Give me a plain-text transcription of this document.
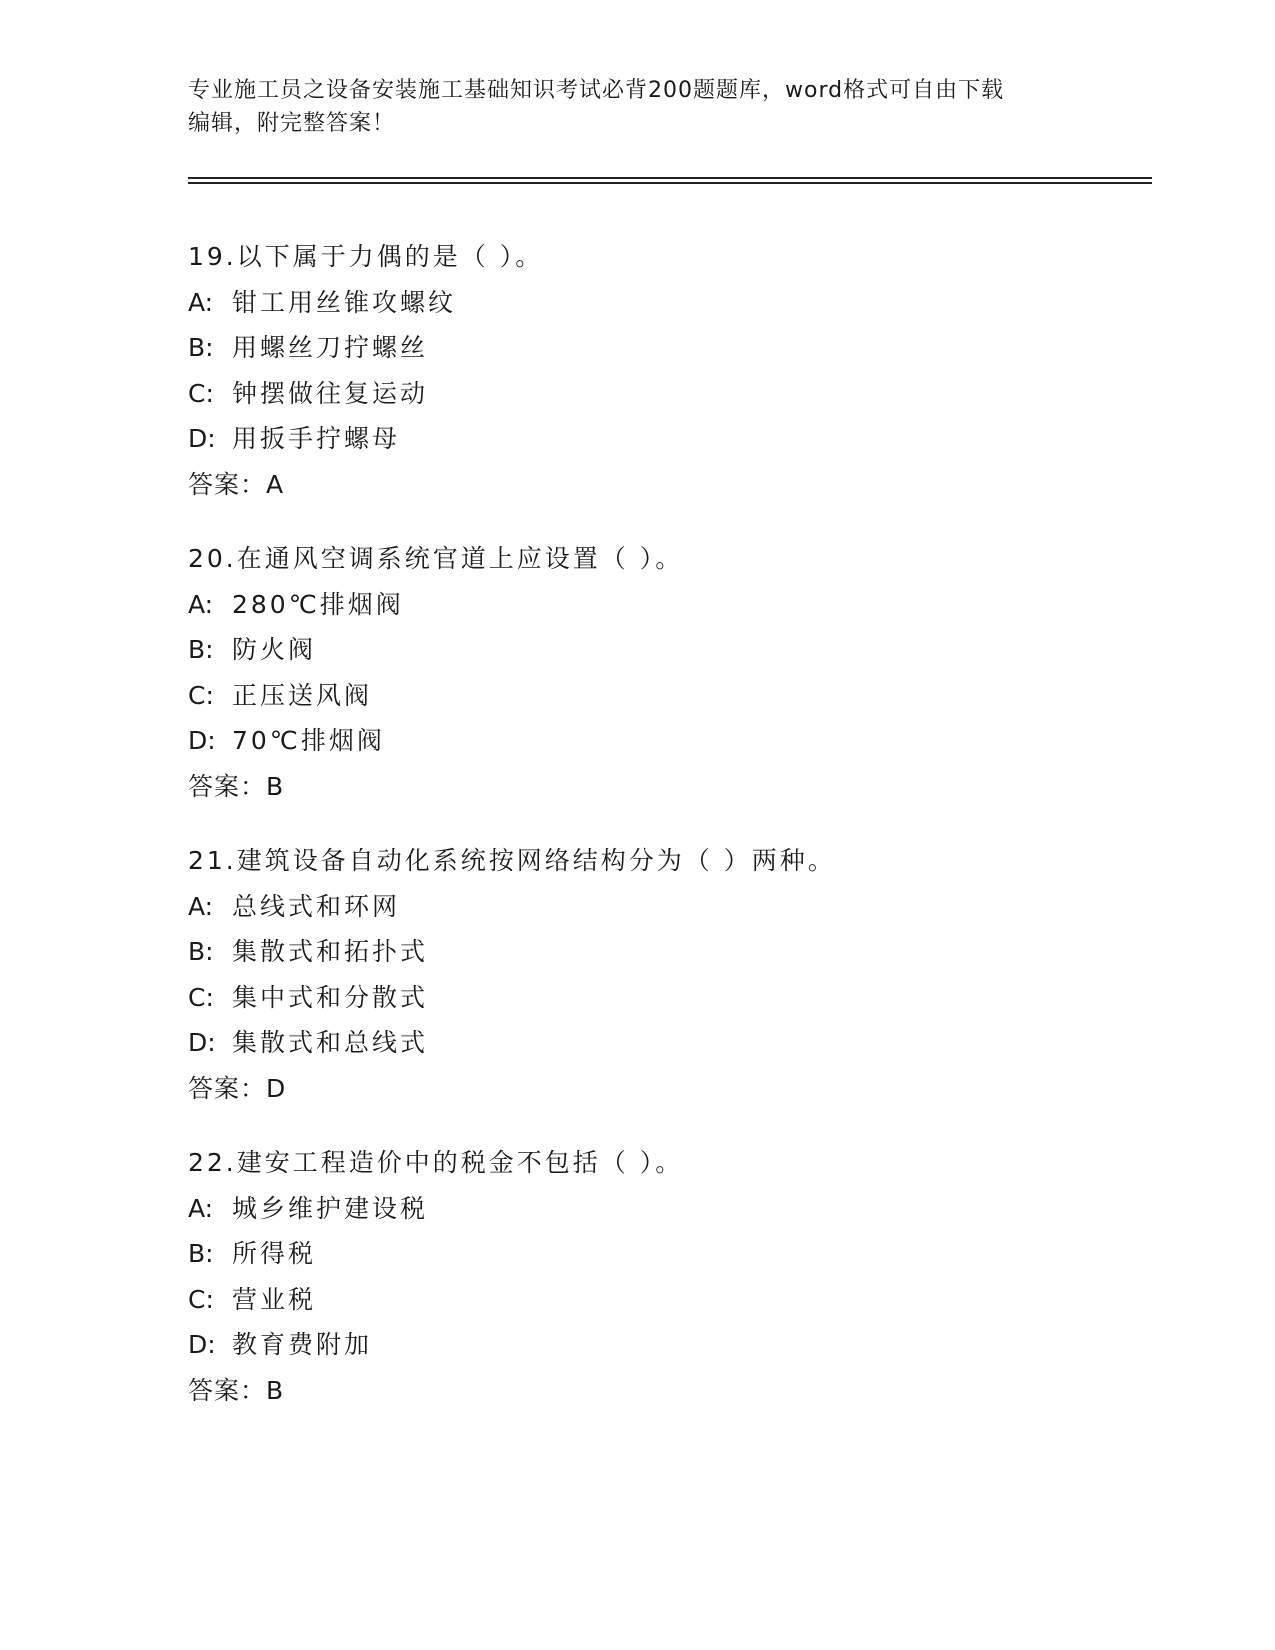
专业施工员之设备安装施工基础知识考试必背200题题库，word格式可自由下载
编辑，附完整答案！
19.以下属于力偶的是（ ）。
A: 钳工用丝锥攻螺纹
B: 用螺丝刀拧螺丝
C: 钟摆做往复运动
D: 用扳手拧螺母
答案：A
20.在通风空调系统官道上应设置（ ）。
A: 280℃排烟阀
B: 防火阀
C: 正压送风阀
D: 70℃排烟阀
答案：B
21.建筑设备自动化系统按网络结构分为（ ）两种。
A: 总线式和环网
B: 集散式和拓扑式
C: 集中式和分散式
D: 集散式和总线式
答案：D
22.建安工程造价中的税金不包括（ ）。
A: 城乡维护建设税
B: 所得税
C: 营业税
D: 教育费附加
答案：B
